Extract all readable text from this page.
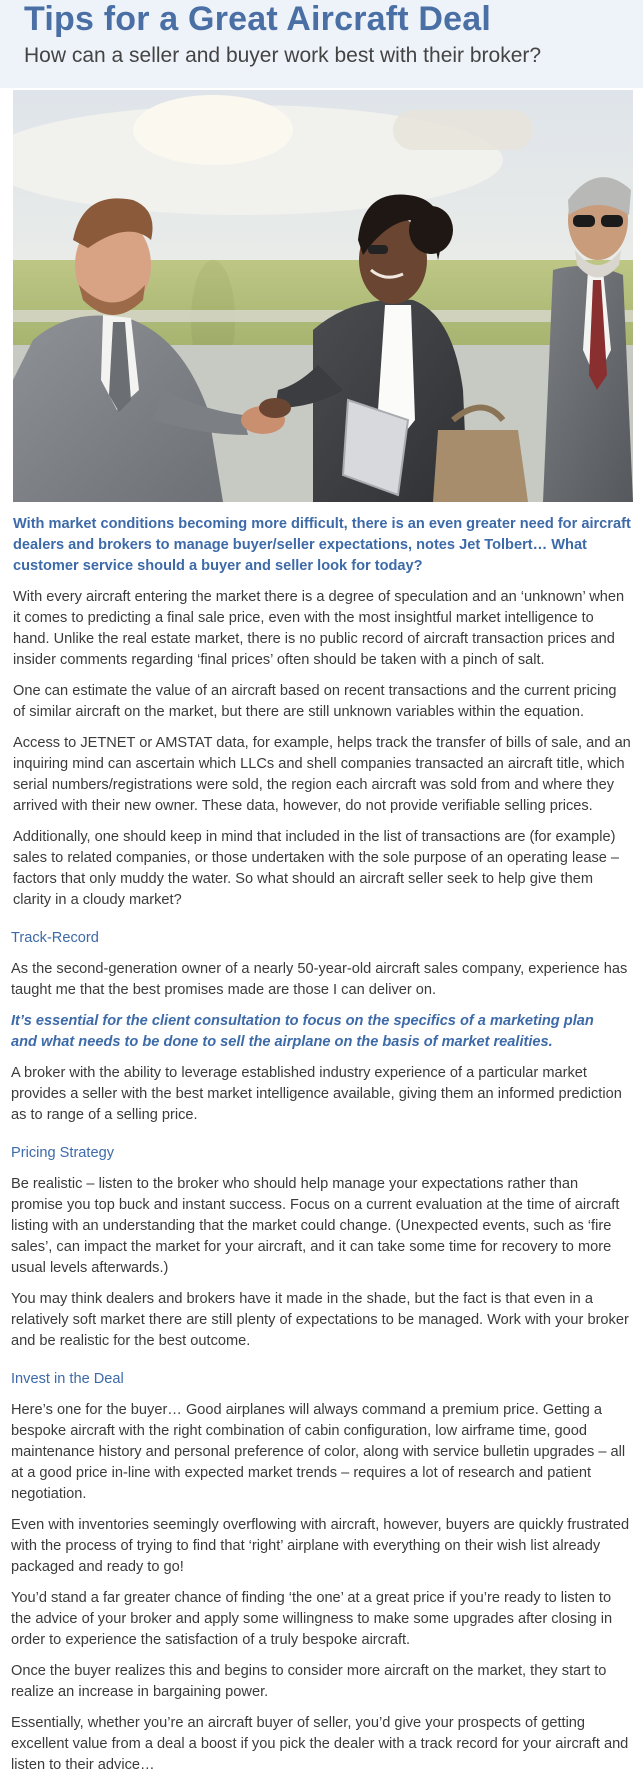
Tips for a Great Aircraft Deal
How can a seller and buyer work best with their broker?

With market conditions becoming more difficult, there is an even greater need for aircraft dealers and brokers to manage buyer/seller expectations, notes Jet Tolbert… What customer service should a buyer and seller look for today?

With every aircraft entering the market there is a degree of speculation and an ‘unknown’ when it comes to predicting a final sale price, even with the most insightful market intelligence to hand. Unlike the real estate market, there is no public record of aircraft transaction prices and insider comments regarding ‘final prices’ often should be taken with a pinch of salt.

One can estimate the value of an aircraft based on recent transactions and the current pricing of similar aircraft on the market, but there are still unknown variables within the equation.

Access to JETNET or AMSTAT data, for example, helps track the transfer of bills of sale, and an inquiring mind can ascertain which LLCs and shell companies transacted an aircraft title, which serial numbers/registrations were sold, the region each aircraft was sold from and where they arrived with their new owner. These data, however, do not provide verifiable selling prices.

Additionally, one should keep in mind that included in the list of transactions are (for example) sales to related companies, or those undertaken with the sole purpose of an operating lease – factors that only muddy the water. So what should an aircraft seller seek to help give them clarity in a cloudy market?

Track-Record

As the second-generation owner of a nearly 50-year-old aircraft sales company, experience has taught me that the best promises made are those I can deliver on.

It’s essential for the client consultation to focus on the specifics of a marketing plan and what needs to be done to sell the airplane on the basis of market realities.

A broker with the ability to leverage established industry experience of a particular market provides a seller with the best market intelligence available, giving them an informed prediction as to range of a selling price.

Pricing Strategy

Be realistic – listen to the broker who should help manage your expectations rather than promise you top buck and instant success. Focus on a current evaluation at the time of aircraft listing with an understanding that the market could change. (Unexpected events, such as ‘fire sales’, can impact the market for your aircraft, and it can take some time for recovery to more usual levels afterwards.)

You may think dealers and brokers have it made in the shade, but the fact is that even in a relatively soft market there are still plenty of expectations to be managed. Work with your broker and be realistic for the best outcome.

Invest in the Deal

Here’s one for the buyer… Good airplanes will always command a premium price. Getting a bespoke aircraft with the right combination of cabin configuration, low airframe time, good maintenance history and personal preference of color, along with service bulletin upgrades – all at a good price in-line with expected market trends – requires a lot of research and patient negotiation.

Even with inventories seemingly overflowing with aircraft, however, buyers are quickly frustrated with the process of trying to find that ‘right’ airplane with everything on their wish list already packaged and ready to go!

You’d stand a far greater chance of finding ‘the one’ at a great price if you’re ready to listen to the advice of your broker and apply some willingness to make some upgrades after closing in order to experience the satisfaction of a truly bespoke aircraft.

Once the buyer realizes this and begins to consider more aircraft on the market, they start to realize an increase in bargaining power.

Essentially, whether you’re an aircraft buyer of seller, you’d give your prospects of getting excellent value from a deal a boost if you pick the dealer with a track record for your aircraft and listen to their advice…
